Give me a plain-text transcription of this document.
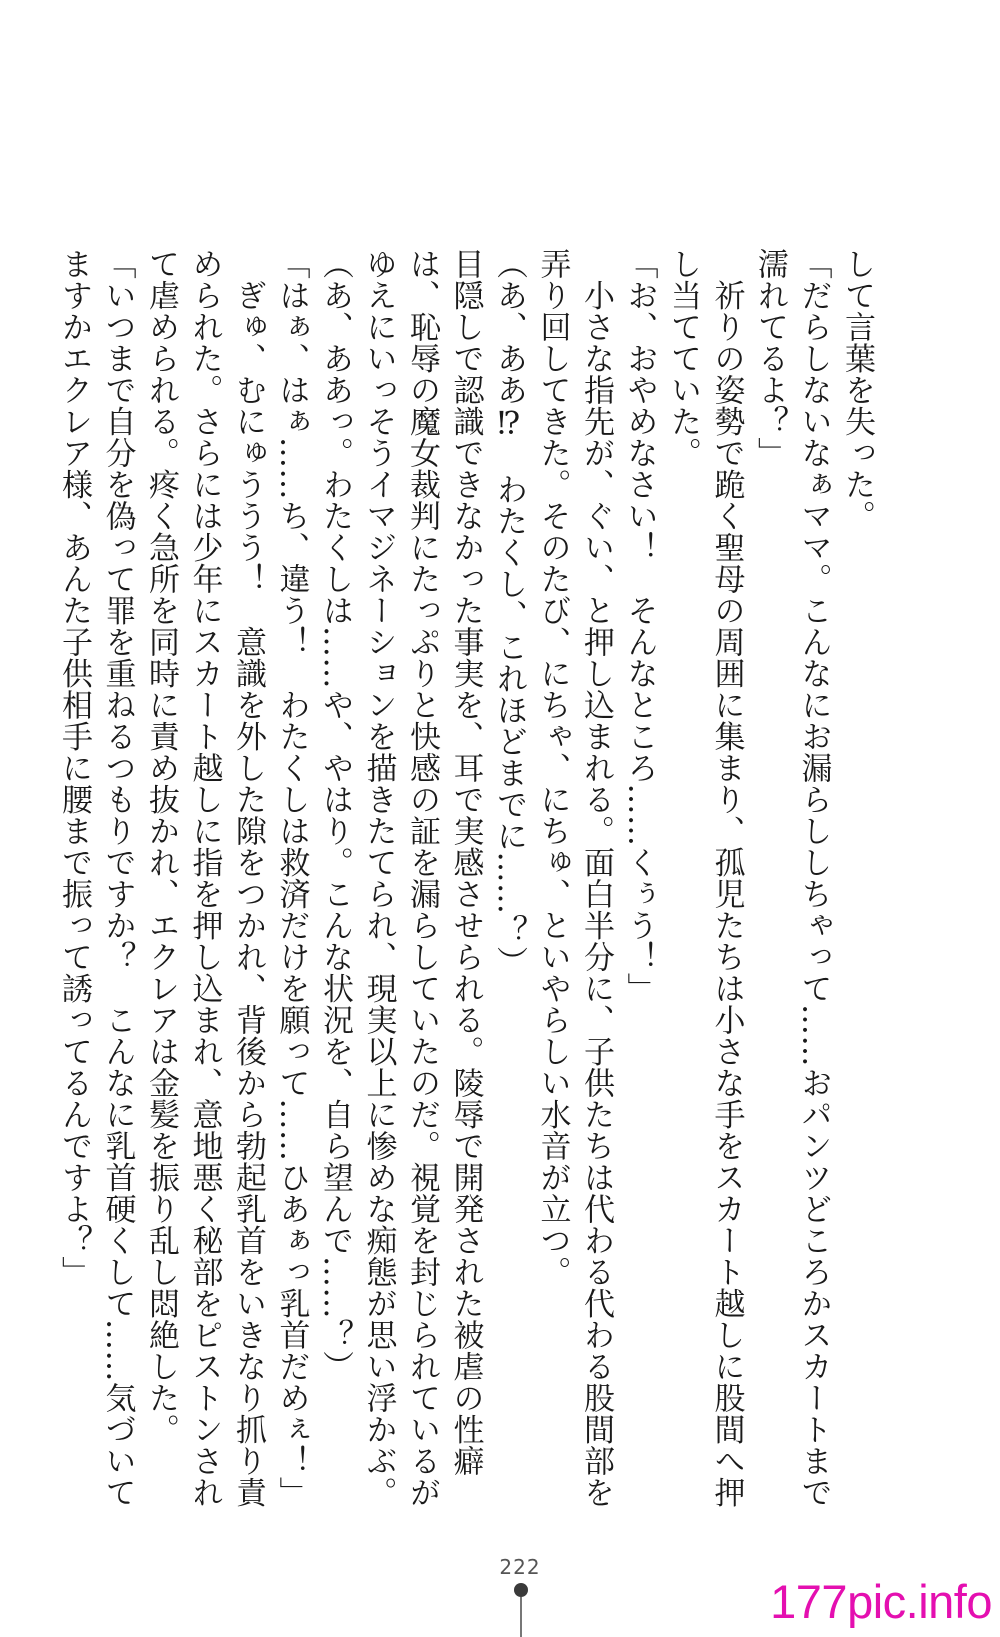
して言葉を失った。
「だらしないなぁママ。こんなにお漏らししちゃって……おパンツどころかスカートまで
濡れてるよ？」
　祈りの姿勢で跪く聖母の周囲に集まり、孤児たちは小さな手をスカート越しに股間へ押
し当てていた。
「お、おやめなさい！　そんなところ……くぅう！」
　小さな指先が、ぐい、と押し込まれる。面白半分に、子供たちは代わる代わる股間部を
弄り回してきた。そのたび、にちゃ、にちゅ、といやらしい水音が立つ。
（あ、ああ⁉　わたくし、これほどまでに……？）
目隠しで認識できなかった事実を、耳で実感させられる。陵辱で開発された被虐の性癖
は、恥辱の魔女裁判にたっぷりと快感の証を漏らしていたのだ。視覚を封じられているが
ゆえにいっそうイマジネーションを描きたてられ、現実以上に惨めな痴態が思い浮かぶ。
（あ、ああっ。わたくしは……や、やはり。こんな状況を、自ら望んで……？）
「はぁ、はぁ……ち、違う！　わたくしは救済だけを願って……ひあぁっ乳首だめぇ！」
　ぎゅ、むにゅううう！　意識を外した隙をつかれ、背後から勃起乳首をいきなり抓り責
められた。さらには少年にスカート越しに指を押し込まれ、意地悪く秘部をピストンされ
て虐められる。疼く急所を同時に責め抜かれ、エクレアは金髪を振り乱し悶絶した。
「いつまで自分を偽って罪を重ねるつもりですか？　こんなに乳首硬くして……気づいて
ますかエクレア様、あんた子供相手に腰まで振って誘ってるんですよ？」
222
177pic.info
